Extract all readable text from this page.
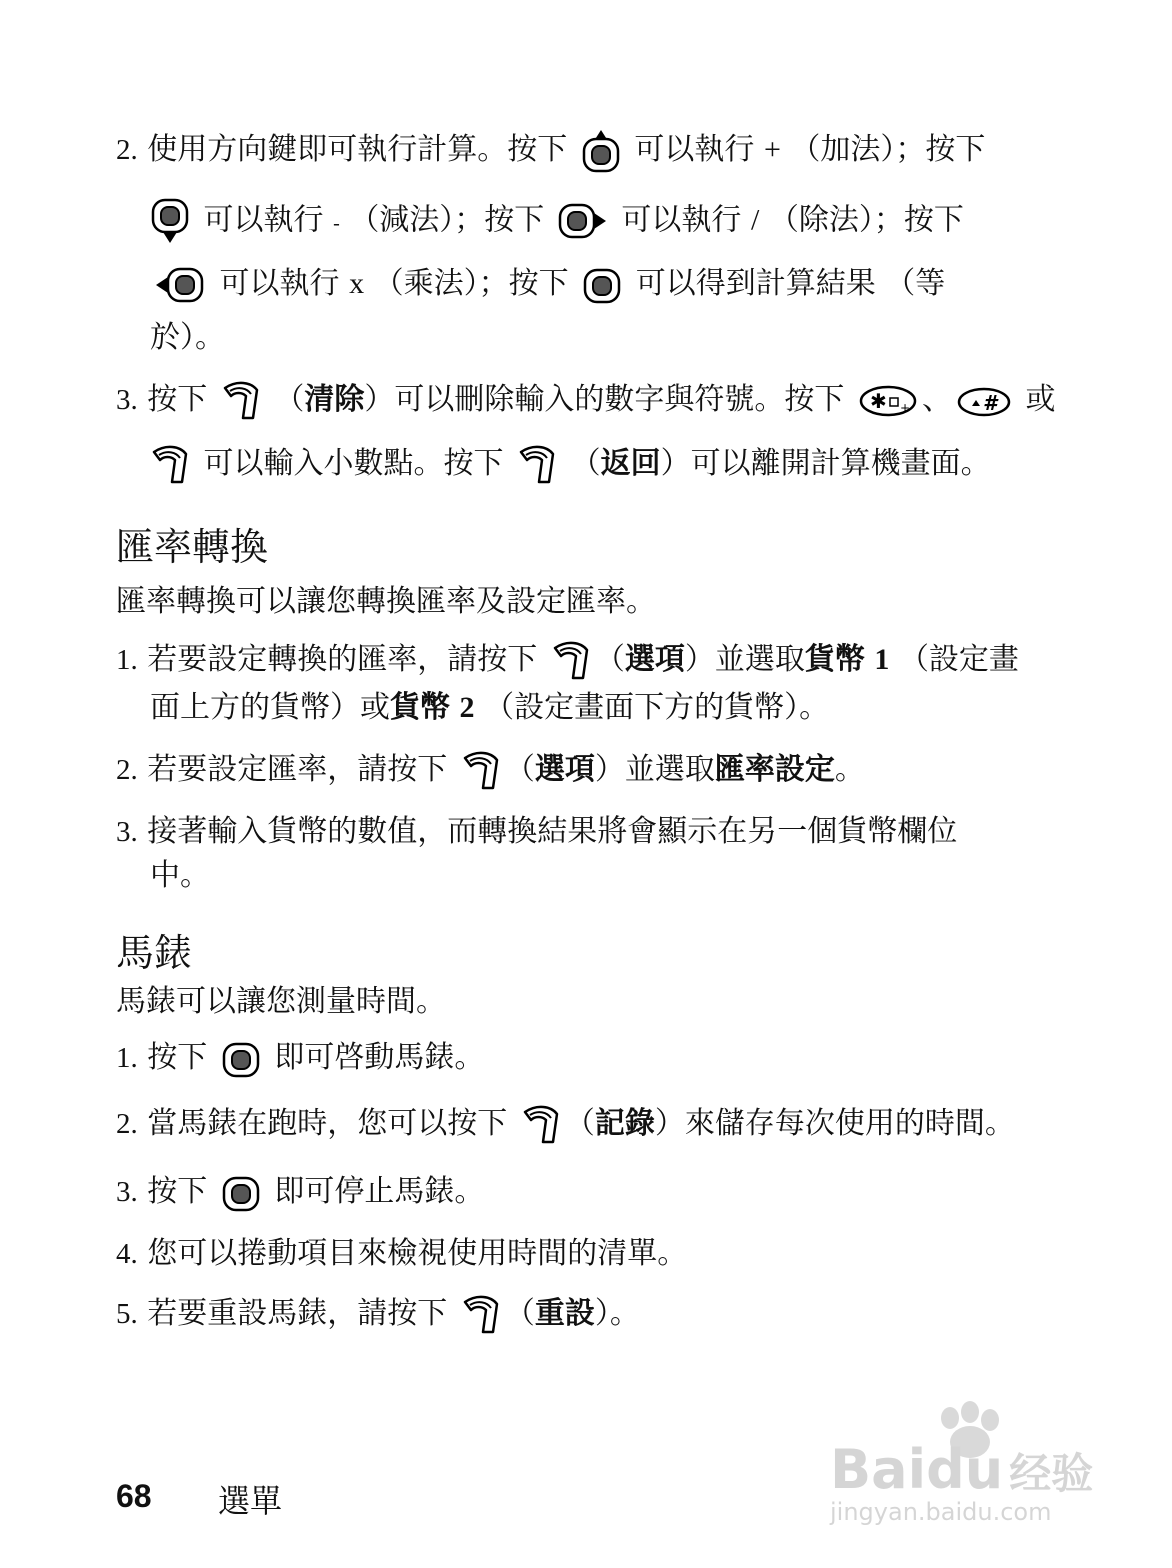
2. 使用方向鍵即可執行計算。按下 可以執行 + （加法）；按下
可以執行 - （減法）；按下	可以執行 / （除法）；按下
可以執行 x （乘法）；按下 可以得到計算結果 （等
於）。
3. 按下 （清除）可以刪除輸入的數字與符號。按下 ✱ + 、 # 或
可以輸入小數點。按下 （返回）可以離開計算機畫面。
匯率轉換
匯率轉換可以讓您轉換匯率及設定匯率。
1. 若要設定轉換的匯率，請按下 （選項）並選取貨幣 1 （設定畫
面上方的貨幣）或貨幣 2 （設定畫面下方的貨幣）。
2. 若要設定匯率，請按下 （選項）並選取匯率設定。
3. 接著輸入貨幣的數值，而轉換結果將會顯示在另一個貨幣欄位
中。
馬錶
馬錶可以讓您測量時間。
1. 按下 即可啓動馬錶。
2. 當馬錶在跑時，您可以按下 （記錄）來儲存每次使用的時間。
3. 按下 即可停止馬錶。
4. 您可以捲動項目來檢視使用時間的清單。
5. 若要重設馬錶，請按下 （重設）。
Baidu 经验
jingyan.baidu.com
68 選單
